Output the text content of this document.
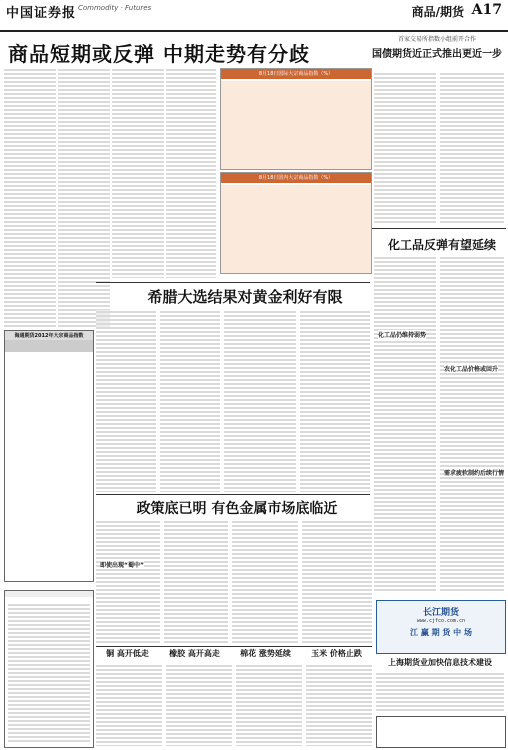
中国证券报 Commodity · Futures	商品/期货 A17
商品短期或反弹 中期走势有分歧
8月18日国际大宗商品指数（%）
8月18日国内大宗商品指数（%）
首家交易所指数小组前开合作
国债期货近正式推出更近一步
化工品反弹有望延续
化工品仍维持弱势
农化工品价格或回升
需求疲软制约后续行情
海通期货2012年大宗商品指数
希腊大选结果对黄金利好有限
政策底已明 有色金属市场底临近
即使出现“蜀中”

铜 高开低走	橡胶 高开高走	棉花 涨势延续	玉米 价格止跌
长江期货
www.cjfco.com.cn
江 赢 期 货 中 场
上海期货业加快信息技术建设
